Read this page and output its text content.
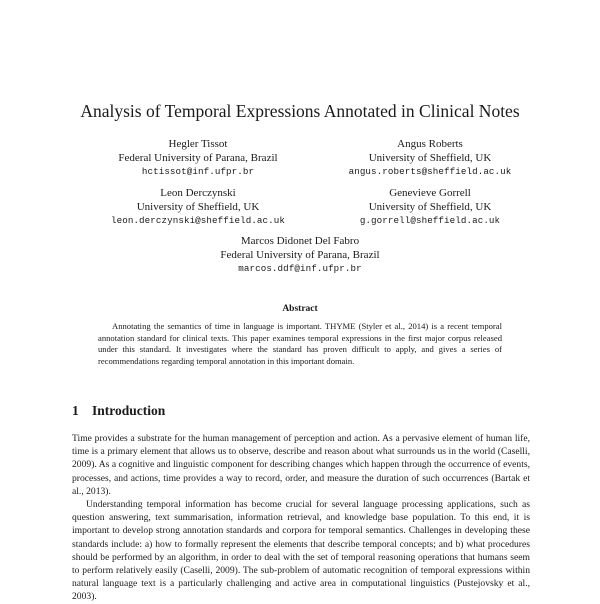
Analysis of Temporal Expressions Annotated in Clinical Notes
Hegler Tissot
Federal University of Parana, Brazil
hctissot@inf.ufpr.br
Angus Roberts
University of Sheffield, UK
angus.roberts@sheffield.ac.uk
Leon Derczynski
University of Sheffield, UK
leon.derczynski@sheffield.ac.uk
Genevieve Gorrell
University of Sheffield, UK
g.gorrell@sheffield.ac.uk
Marcos Didonet Del Fabro
Federal University of Parana, Brazil
marcos.ddf@inf.ufpr.br
Abstract
Annotating the semantics of time in language is important. THYME (Styler et al., 2014) is a recent temporal annotation standard for clinical texts. This paper examines temporal expressions in the first major corpus released under this standard. It investigates where the standard has proven difficult to apply, and gives a series of recommendations regarding temporal annotation in this important domain.
1 Introduction

Time provides a substrate for the human management of perception and action. As a pervasive element of human life, time is a primary element that allows us to observe, describe and reason about what surrounds us in the world (Caselli, 2009). As a cognitive and linguistic component for describing changes which happen through the occurrence of events, processes, and actions, time provides a way to record, order, and measure the duration of such occurrences (Bartak et al., 2013).

Understanding temporal information has become crucial for several language processing applications, such as question answering, text summarisation, information retrieval, and knowledge base population. To this end, it is important to develop strong annotation standards and corpora for temporal semantics. Challenges in developing these standards include: a) how to formally represent the elements that describe temporal concepts; and b) what procedures should be performed by an algorithm, in order to deal with the set of temporal reasoning operations that humans seem to perform relatively easily (Caselli, 2009). The sub-problem of automatic recognition of temporal expressions within natural language text is a particularly challenging and active area in computational linguistics (Pustejovsky et al., 2003).
